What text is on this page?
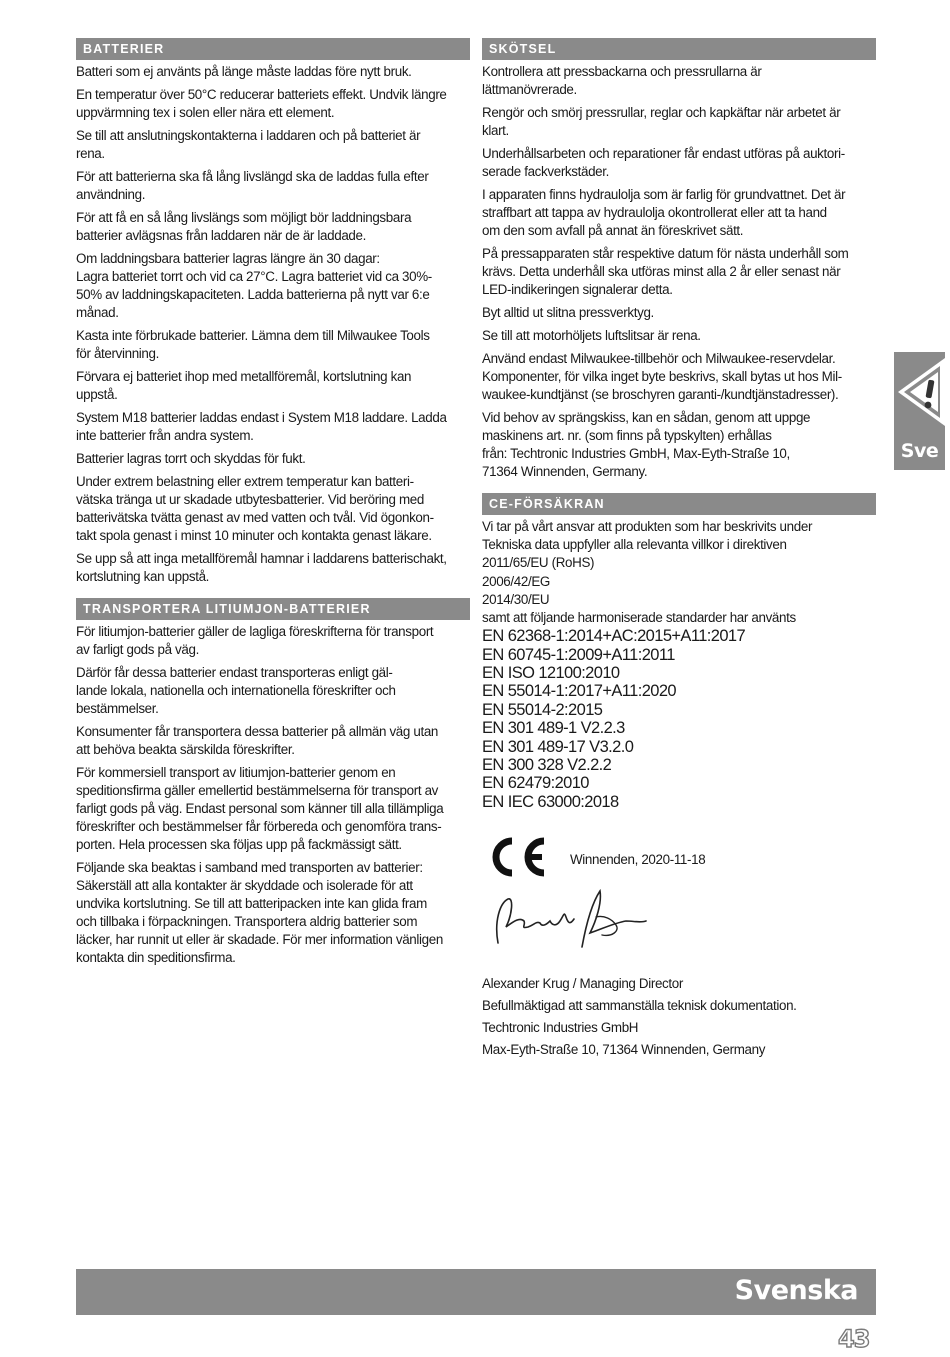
BATTERIER

Batteri som ej använts på länge måste laddas före nytt bruk.

En temperatur över 50°C reducerar batteriets effekt. Undvik längre
uppvärmning tex i solen eller nära ett element.

Se till att anslutningskontakterna i laddaren och på batteriet är
rena.

För att batterierna ska få lång livslängd ska de laddas fulla efter
användning.

För att få en så lång livslängs som möjligt bör laddningsbara
batterier avlägsnas från laddaren när de är laddade.

Om laddningsbara batterier lagras längre än 30 dagar:
Lagra batteriet torrt och vid ca 27°C. Lagra batteriet vid ca 30%-
50% av laddningskapaciteten. Ladda batterierna på nytt var 6:e
månad.

Kasta inte förbrukade batterier. Lämna dem till Milwaukee Tools
för återvinning.

Förvara ej batteriet ihop med metallföremål, kortslutning kan
uppstå.

System M18 batterier laddas endast i System M18 laddare. Ladda
inte batterier från andra system.

Batterier lagras torrt och skyddas för fukt.

Under extrem belastning eller extrem temperatur kan batteri-
vätska tränga ut ur skadade utbytesbatterier. Vid beröring med
batterivätska tvätta genast av med vatten och tvål. Vid ögonkon-
takt spola genast i minst 10 minuter och kontakta genast läkare.

Se upp så att inga metallföremål hamnar i laddarens batterischakt,
kortslutning kan uppstå.

TRANSPORTERA LITIUMJON-BATTERIER

För litiumjon-batterier gäller de lagliga föreskrifterna för transport
av farligt gods på väg.

Därför får dessa batterier endast transporteras enligt gäl-
lande lokala, nationella och internationella föreskrifter och
bestämmelser.

Konsumenter får transportera dessa batterier på allmän väg utan
att behöva beakta särskilda föreskrifter.

För kommersiell transport av litiumjon-batterier genom en
speditionsfirma gäller emellertid bestämmelserna för transport av
farligt gods på väg. Endast personal som känner till alla tillämpliga
föreskrifter och bestämmelser får förbereda och genomföra trans-
porten. Hela processen ska följas upp på fackmässigt sätt.

Följande ska beaktas i samband med transporten av batterier:
Säkerställ att alla kontakter är skyddade och isolerade för att
undvika kortslutning. Se till att batteripacken inte kan glida fram
och tillbaka i förpackningen. Transportera aldrig batterier som
läcker, har runnit ut eller är skadade. För mer information vänligen
kontakta din speditionsfirma.

SKÖTSEL

Kontrollera att pressbackarna och pressrullarna är
lättmanövrerade.

Rengör och smörj pressrullar, reglar och kapkäftar när arbetet är
klart.

Underhållsarbeten och reparationer får endast utföras på auktori-
serade fackverkstäder.

I apparaten finns hydraulolja som är farlig för grundvattnet. Det är
straffbart att tappa av hydraulolja okontrollerat eller att ta hand
om den som avfall på annat än föreskrivet sätt.

På pressapparaten står respektive datum för nästa underhåll som
krävs. Detta underhåll ska utföras minst alla 2 år eller senast när
LED-indikeringen signalerar detta.

Byt alltid ut slitna pressverktyg.

Se till att motorhöljets luftslitsar är rena.

Använd endast Milwaukee-tillbehör och Milwaukee-reservdelar.
Komponenter, för vilka inget byte beskrivs, skall bytas ut hos Mil-
waukee-kundtjänst (se broschyren garanti-/kundtjänstadresser).

Vid behov av sprängskiss, kan en sådan, genom att uppge
maskinens art. nr. (som finns på typskylten) erhållas
från: Techtronic Industries GmbH, Max-Eyth-Straße 10,
71364 Winnenden, Germany.

CE-FÖRSÄKRAN
Vi tar på vårt ansvar att produkten som har beskrivits under
Tekniska data uppfyller alla relevanta villkor i direktiven
2011/65/EU (RoHS)
2006/42/EG
2014/30/EU
samt att följande harmoniserade standarder har använts
EN 62368-1:2014+AC:2015+A11:2017
EN 60745-1:2009+A11:2011
EN ISO 12100:2010
EN 55014-1:2017+A11:2020
EN 55014-2:2015
EN 301 489-1 V2.2.3
EN 301 489-17 V3.2.0
EN 300 328 V2.2.2
EN 62479:2010
EN IEC 63000:2018
Winnenden, 2020-11-18
Alexander Krug / Managing Director
Befullmäktigad att sammanställa teknisk dokumentation.
Techtronic Industries GmbH
Max-Eyth-Straße 10, 71364 Winnenden, Germany
Sve
Svenska
43
